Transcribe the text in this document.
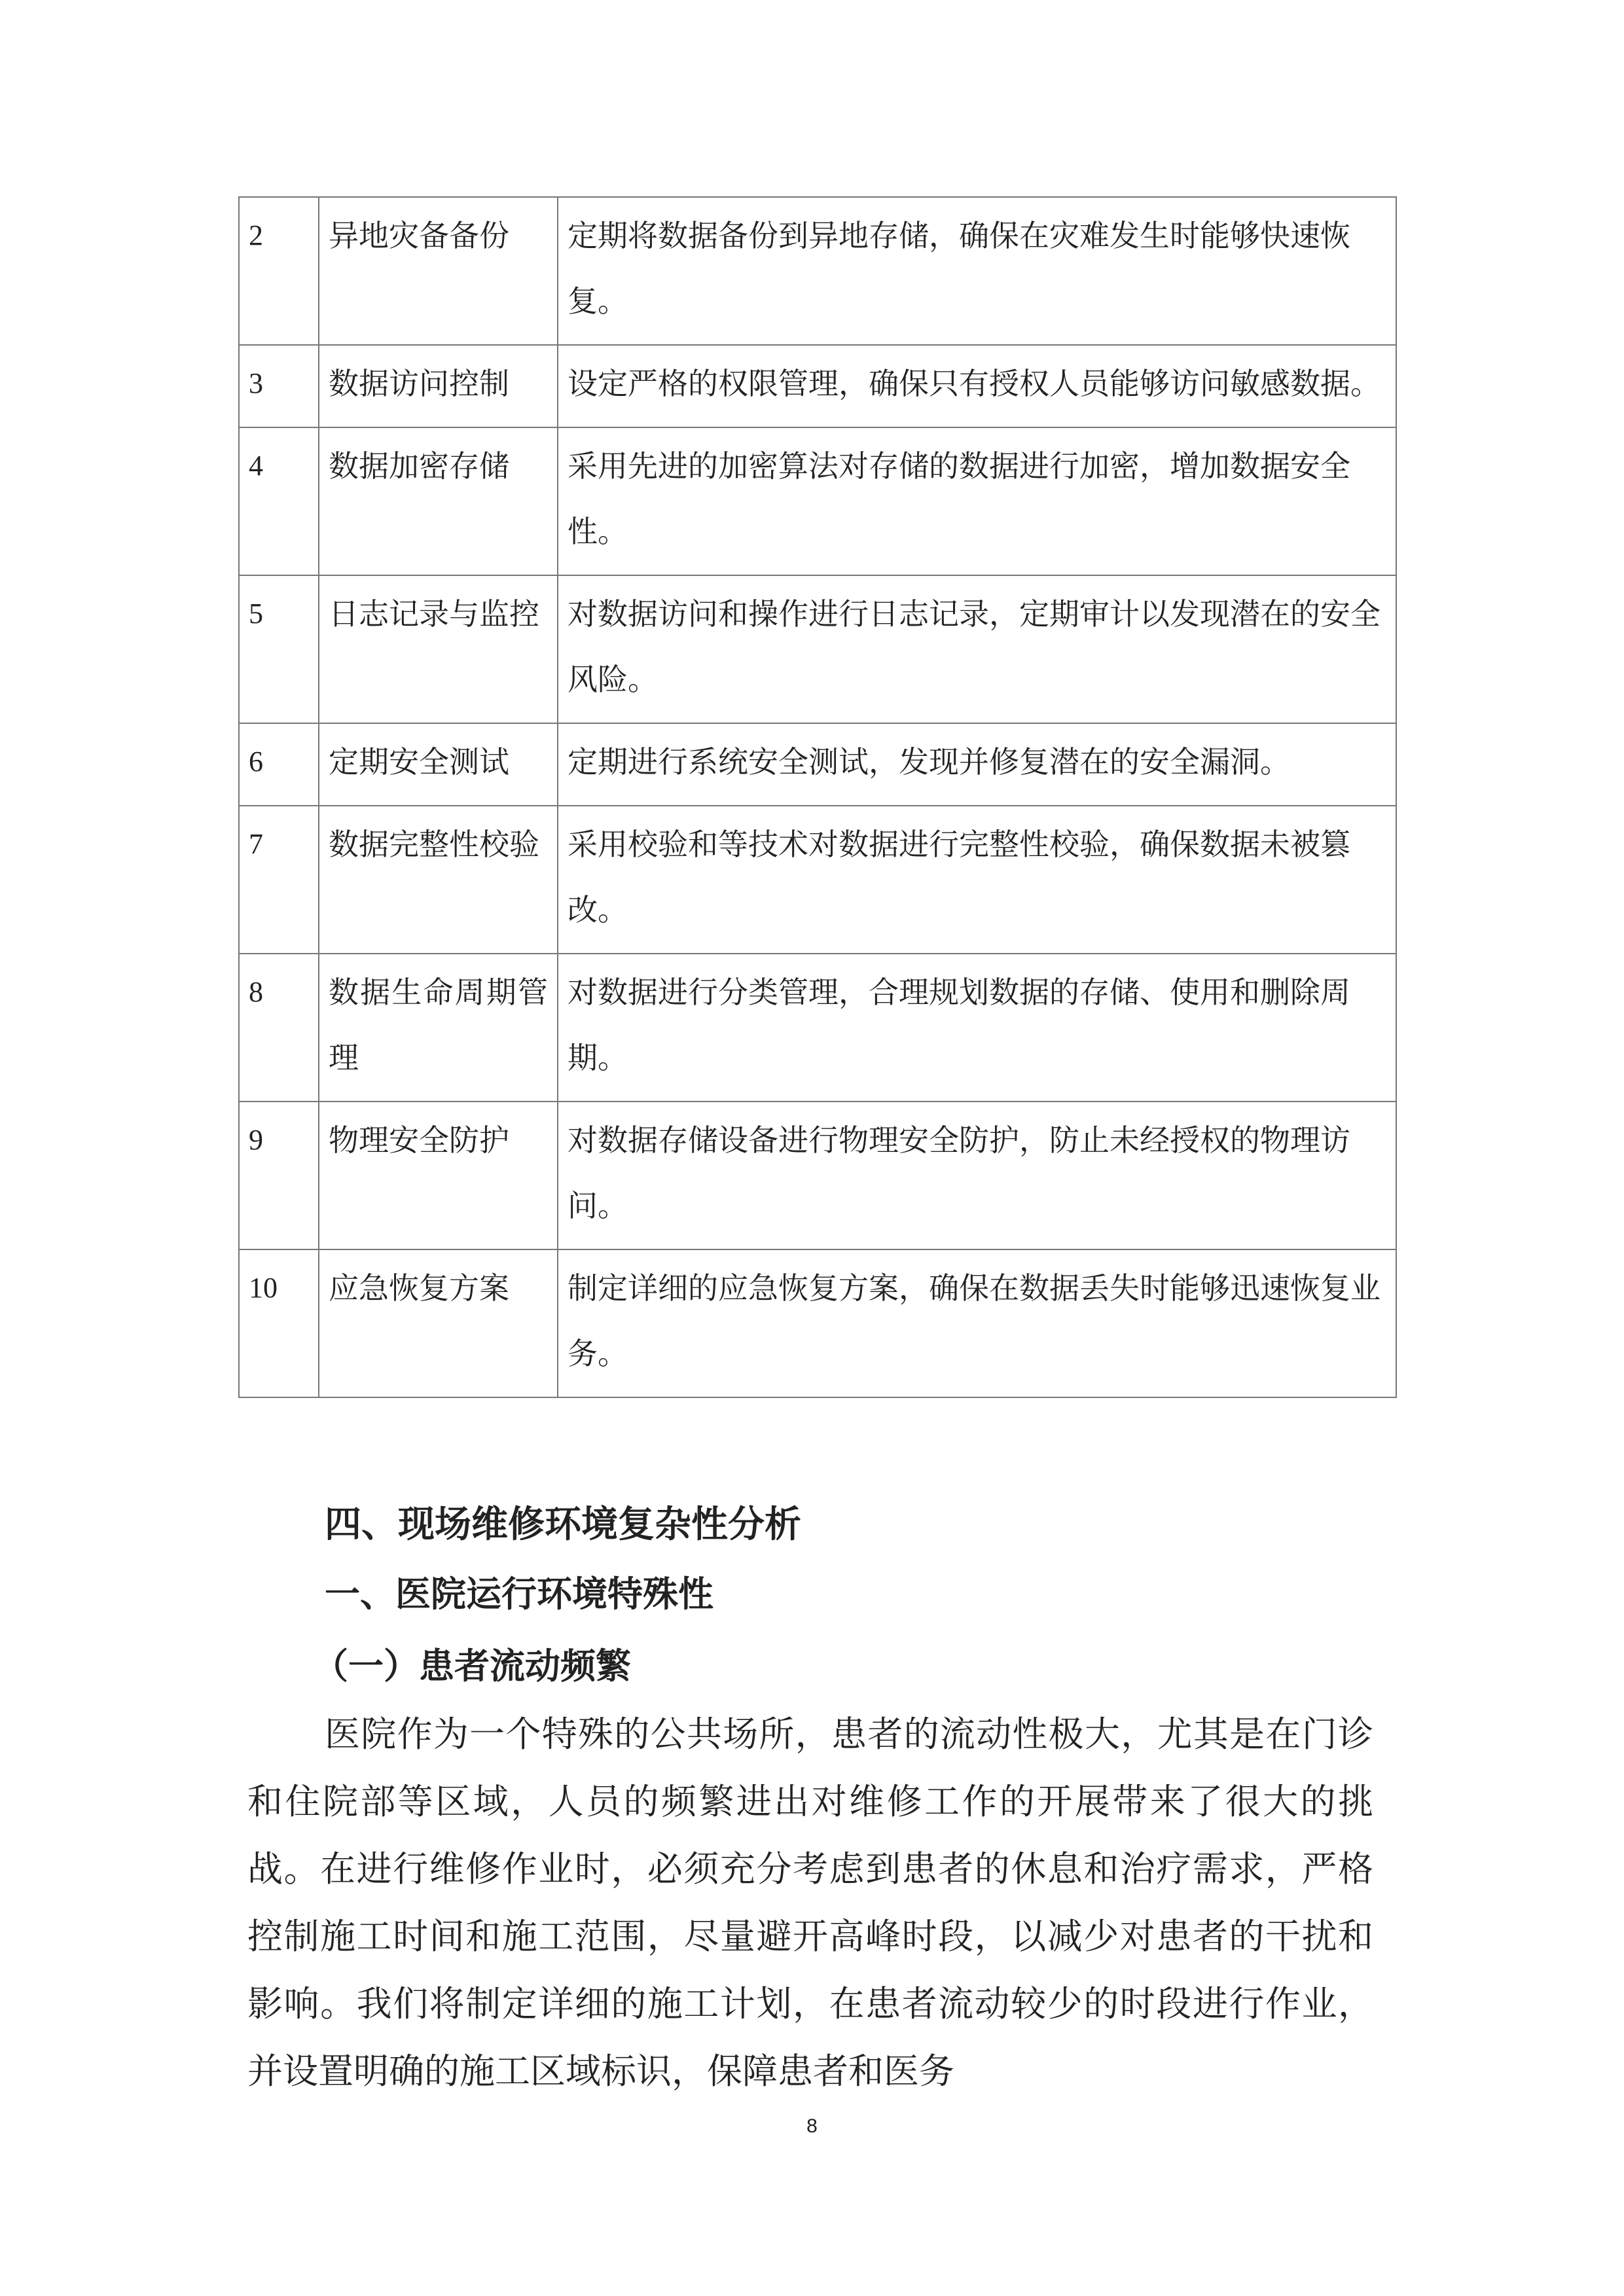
2	异地灾备备份	定期将数据备份到异地存储，确保在灾难发生时能够快速恢复。
3	数据访问控制	设定严格的权限管理，确保只有授权人员能够访问敏感数据。
4	数据加密存储	采用先进的加密算法对存储的数据进行加密，增加数据安全性。
5	日志记录与监控	对数据访问和操作进行日志记录，定期审计以发现潜在的安全风险。
6	定期安全测试	定期进行系统安全测试，发现并修复潜在的安全漏洞。
7	数据完整性校验	采用校验和等技术对数据进行完整性校验，确保数据未被篡改。
8	数据生命周期管理	对数据进行分类管理，合理规划数据的存储、使用和删除周期。
9	物理安全防护	对数据存储设备进行物理安全防护，防止未经授权的物理访问。
10	应急恢复方案	制定详细的应急恢复方案，确保在数据丢失时能够迅速恢复业务。
四、现场维修环境复杂性分析
一、医院运行环境特殊性
（一）患者流动频繁

医院作为一个特殊的公共场所，患者的流动性极大，尤其是在门诊和住院部等区域，人员的频繁进出对维修工作的开展带来了很大的挑战。在进行维修作业时，必须充分考虑到患者的休息和治疗需求，严格控制施工时间和施工范围，尽量避开高峰时段，以减少对患者的干扰和影响。我们将制定详细的施工计划，在患者流动较少的时段进行作业，并设置明确的施工区域标识，保障患者和医务

8
